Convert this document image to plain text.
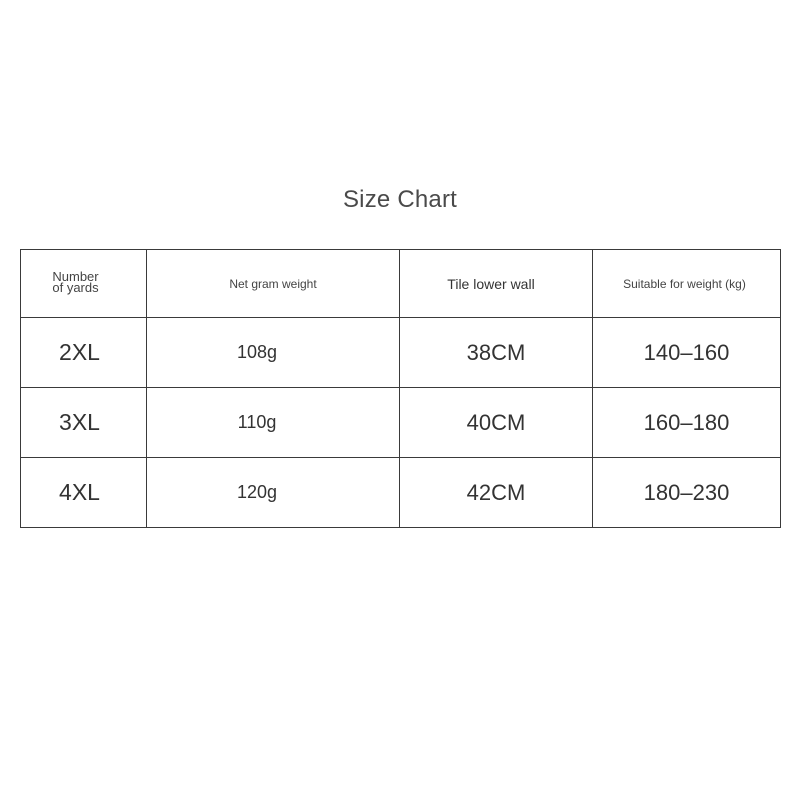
Size Chart
Number
of yards	Net gram weight	Tile lower wall	Suitable for weight (kg)
2XL	108g	38CM	140–160
3XL	110g	40CM	160–180
4XL	120g	42CM	180–230
